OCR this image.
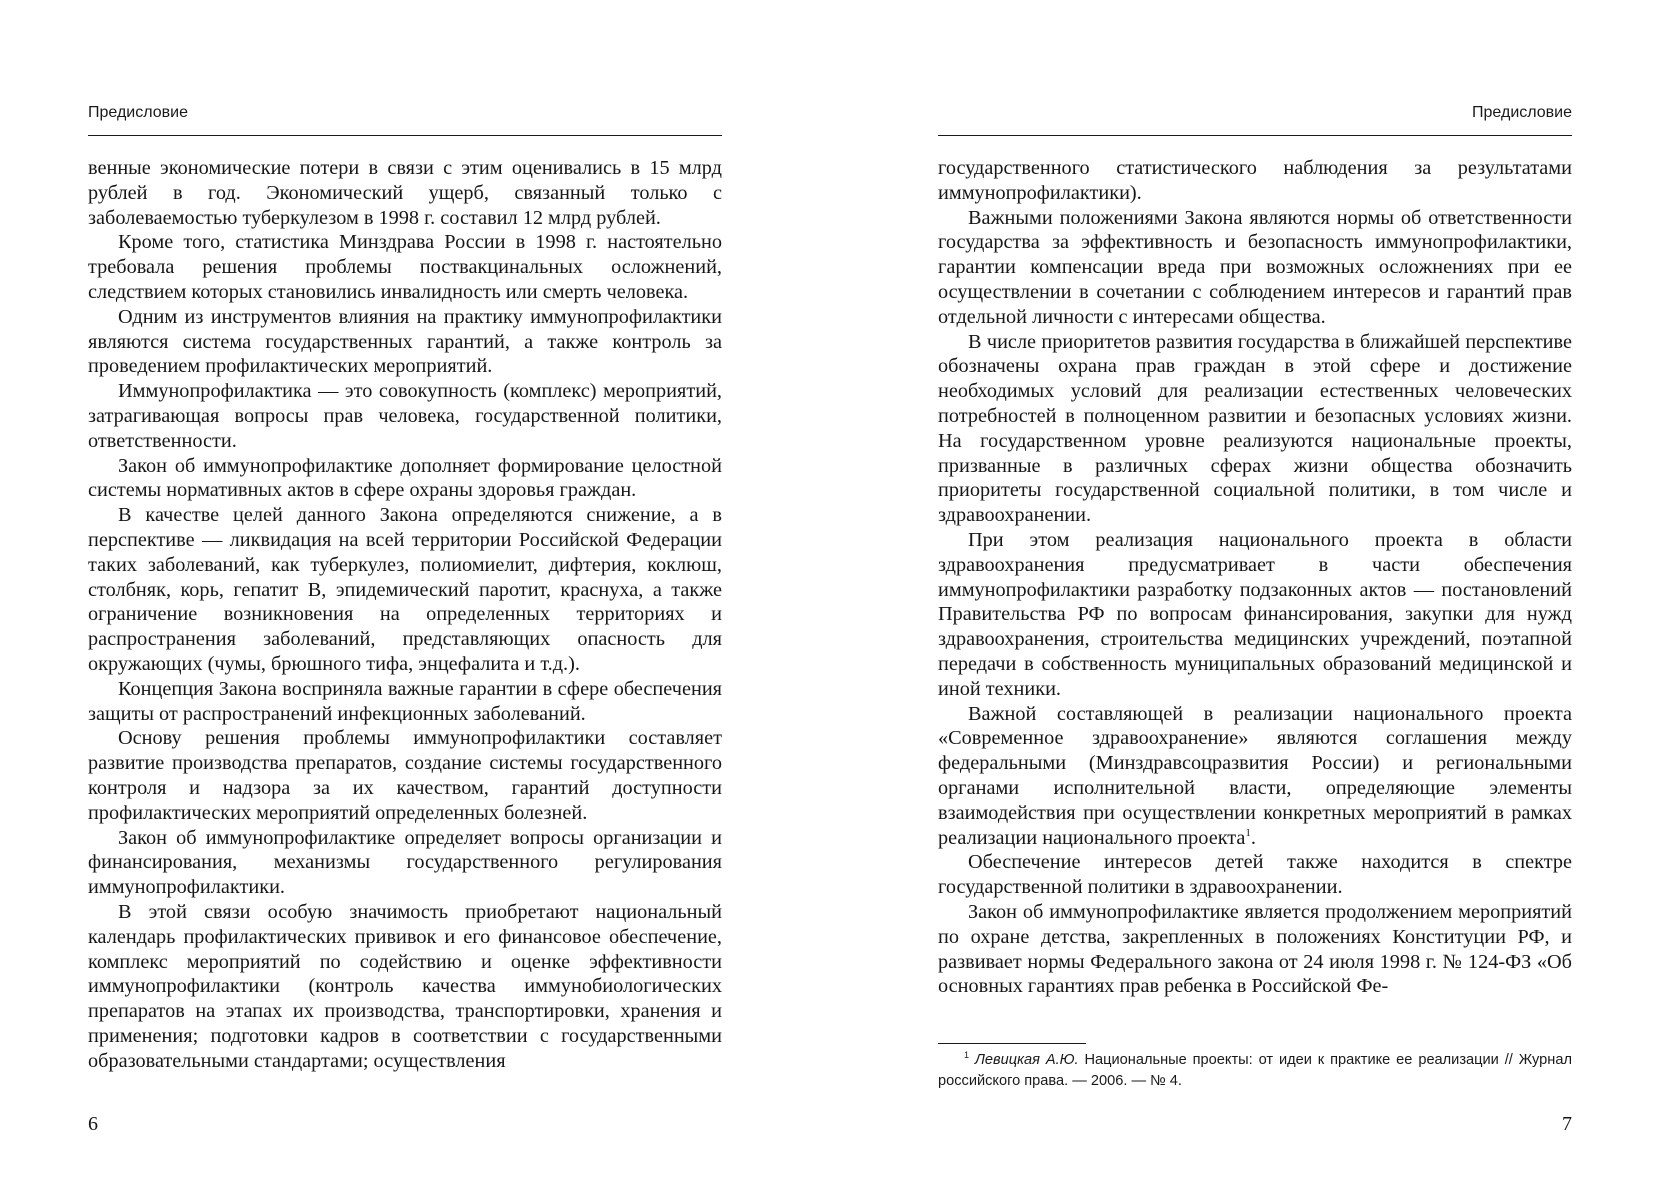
Предисловие

венные экономические потери в связи с этим оценивались в 15 млрд рублей в год. Экономический ущерб, связанный только с заболеваемостью туберкулезом в 1998 г. составил 12 млрд рублей.

Кроме того, статистика Минздрава России в 1998 г. настоятельно требовала решения проблемы поствакцинальных осложнений, следствием которых становились инвалидность или смерть человека.

Одним из инструментов влияния на практику иммунопрофилактики являются система государственных гарантий, а также контроль за проведением профилактических мероприятий.

Иммунопрофилактика — это совокупность (комплекс) мероприятий, затрагивающая вопросы прав человека, государственной политики, ответственности.

Закон об иммунопрофилактике дополняет формирование целостной системы нормативных актов в сфере охраны здоровья граждан.

В качестве целей данного Закона определяются снижение, а в перспективе — ликвидация на всей территории Российской Федерации таких заболеваний, как туберкулез, полиомиелит, дифтерия, коклюш, столбняк, корь, гепатит В, эпидемический паротит, краснуха, а также ограничение возникновения на определенных территориях и распространения заболеваний, представляющих опасность для окружающих (чумы, брюшного тифа, энцефалита и т.д.).

Концепция Закона восприняла важные гарантии в сфере обеспечения защиты от распространений инфекционных заболеваний.

Основу решения проблемы иммунопрофилактики составляет развитие производства препаратов, создание системы государственного контроля и надзора за их качеством, гарантий доступности профилактических мероприятий определенных болезней.

Закон об иммунопрофилактике определяет вопросы организации и финансирования, механизмы государственного регулирования иммунопрофилактики.

В этой связи особую значимость приобретают национальный календарь профилактических прививок и его финансовое обеспечение, комплекс мероприятий по содействию и оценке эффективности иммунопрофилактики (контроль качества иммунобиологических препаратов на этапах их производства, транспортировки, хранения и применения; подготовки кадров в соответствии с государственными образовательными стандартами; осуществления

6
Предисловие

государственного статистического наблюдения за результатами иммунопрофилактики).

Важными положениями Закона являются нормы об ответственности государства за эффективность и безопасность иммунопрофилактики, гарантии компенсации вреда при возможных осложнениях при ее осуществлении в сочетании с соблюдением интересов и гарантий прав отдельной личности с интересами общества.

В числе приоритетов развития государства в ближайшей перспективе обозначены охрана прав граждан в этой сфере и достижение необходимых условий для реализации естественных человеческих потребностей в полноценном развитии и безопасных условиях жизни. На государственном уровне реализуются национальные проекты, призванные в различных сферах жизни общества обозначить приоритеты государственной социальной политики, в том числе и здравоохранении.

При этом реализация национального проекта в области здравоохранения предусматривает в части обеспечения иммунопрофилактики разработку подзаконных актов — постановлений Правительства РФ по вопросам финансирования, закупки для нужд здравоохранения, строительства медицинских учреждений, поэтапной передачи в собственность муниципальных образований медицинской и иной техники.

Важной составляющей в реализации национального проекта «Современное здравоохранение» являются соглашения между федеральными (Минздравсоцразвития России) и региональными органами исполнительной власти, определяющие элементы взаимодействия при осуществлении конкретных мероприятий в рамках реализации национального проекта$^1$.

Обеспечение интересов детей также находится в спектре государственной политики в здравоохранении.

Закон об иммунопрофилактике является продолжением мероприятий по охране детства, закрепленных в положениях Конституции РФ, и развивает нормы Федерального закона от 24 июля 1998 г. № 124-ФЗ «Об основных гарантиях прав ребенка в Российской Фе-

$^1$ Левицкая А.Ю. Национальные проекты: от идеи к практике ее реализации // Журнал российского права. — 2006. — № 4.
7
